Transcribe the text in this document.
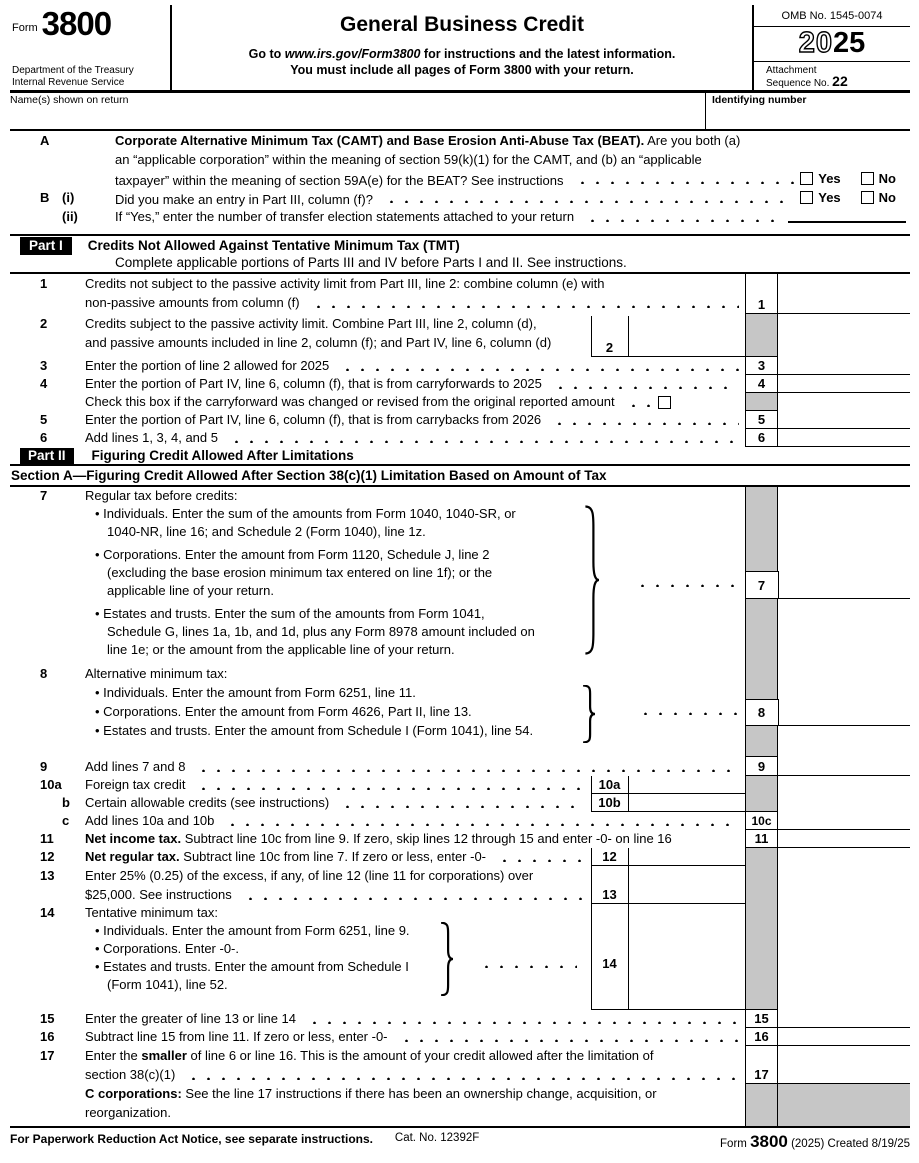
Form 3800
Department of the Treasury
Internal Revenue Service
General Business Credit
Go to www.irs.gov/Form3800 for instructions and the latest information.
You must include all pages of Form 3800 with your return.
OMB No. 1545-0074
2025
Attachment
Sequence No. 22
Name(s) shown on return	Identifying number
A	Corporate Alternative Minimum Tax (CAMT) and Base Erosion Anti-Abuse Tax (BEAT). Are you both (a)
an “applicable corporation” within the meaning of section 59(k)(1) for the CAMT, and (b) an “applicable
taxpayer” within the meaning of section 59A(e) for the BEAT? See instructions	Yes	No
B (i)	Did you make an entry in Part III, column (f)?	Yes	No
(ii)	If “Yes,” enter the number of transfer election statements attached to your return
Part I Credits Not Allowed Against Tentative Minimum Tax (TMT)
Complete applicable portions of Parts III and IV before Parts I and II. See instructions.
1	Credits not subject to the passive activity limit from Part III, line 2: combine column (e) with
non-passive amounts from column (f)	1
2	Credits subject to the passive activity limit. Combine Part III, line 2, column (d),
and passive amounts included in line 2, column (f); and Part IV, line 6, column (d)	2
3	Enter the portion of line 2 allowed for 2025	3
4	Enter the portion of Part IV, line 6, column (f), that is from carryforwards to 2025	4
Check this box if the carryforward was changed or revised from the original reported amount
5	Enter the portion of Part IV, line 6, column (f), that is from carrybacks from 2026	5
6	Add lines 1, 3, 4, and 5	6
Part II	Figuring Credit Allowed After Limitations
Section A—Figuring Credit Allowed After Section 38(c)(1) Limitation Based on Amount of Tax
7	Regular tax before credits:
• Individuals. Enter the sum of the amounts from Form 1040, 1040-SR, or
1040-NR, line 16; and Schedule 2 (Form 1040), line 1z.
• Corporations. Enter the amount from Form 1120, Schedule J, line 2
(excluding the base erosion minimum tax entered on line 1f); or the
applicable line of your return.
• Estates and trusts. Enter the sum of the amounts from Form 1041,
Schedule G, lines 1a, 1b, and 1d, plus any Form 8978 amount included on
line 1e; or the amount from the applicable line of your return.
7
8	Alternative minimum tax:
• Individuals. Enter the amount from Form 6251, line 11.
• Corporations. Enter the amount from Form 4626, Part II, line 13.
• Estates and trusts. Enter the amount from Schedule I (Form 1041), line 54.
8
9	Add lines 7 and 8	9
10a	Foreign tax credit	10a
b	Certain allowable credits (see instructions)	10b
c	Add lines 10a and 10b	10c
11	Net income tax. Subtract line 10c from line 9. If zero, skip lines 12 through 15 and enter -0- on line 16	11
12	Net regular tax. Subtract line 10c from line 7. If zero or less, enter -0-	12
13	Enter 25% (0.25) of the excess, if any, of line 12 (line 11 for corporations) over
$25,000. See instructions	13
14	Tentative minimum tax:
• Individuals. Enter the amount from Form 6251, line 9.
• Corporations. Enter -0-.
• Estates and trusts. Enter the amount from Schedule I
(Form 1041), line 52.
14
15	Enter the greater of line 13 or line 14	15
16	Subtract line 15 from line 11. If zero or less, enter -0-	16
17	Enter the smaller of line 6 or line 16. This is the amount of your credit allowed after the limitation of
section 38(c)(1)	17
C corporations: See the line 17 instructions if there has been an ownership change, acquisition, or
reorganization.
For Paperwork Reduction Act Notice, see separate instructions.	Cat. No. 12392F	Form 3800 (2025) Created 8/19/25
